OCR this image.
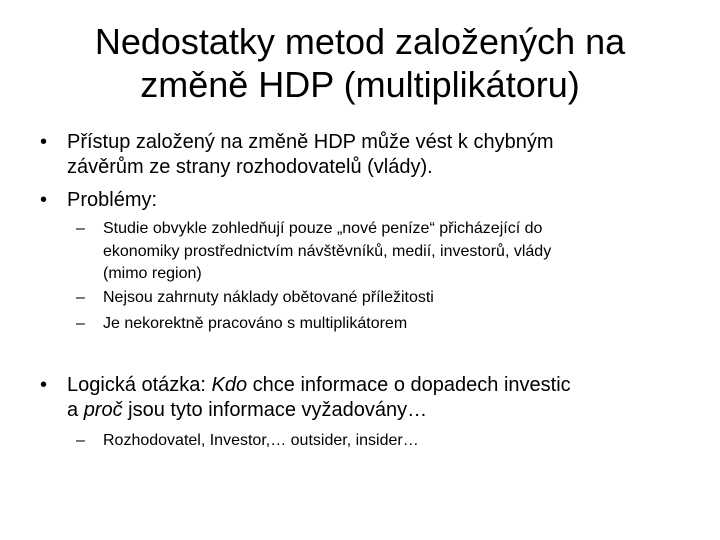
Nedostatky metod založených na
změně HDP (multiplikátoru)
• Přístup založený na změně HDP může vést k chybným
závěrům ze strany rozhodovatelů (vlády).
• Problémy:
– Studie obvykle zohledňují pouze „nové peníze“ přicházející do
ekonomiky prostřednictvím návštěvníků, medií, investorů, vlády
(mimo region)
– Nejsou zahrnuty náklady obětované příležitosti
– Je nekorektně pracováno s multiplikátorem
• Logická otázka: Kdo chce informace o dopadech investic
a proč jsou tyto informace vyžadovány…
– Rozhodovatel, Investor,… outsider, insider…
